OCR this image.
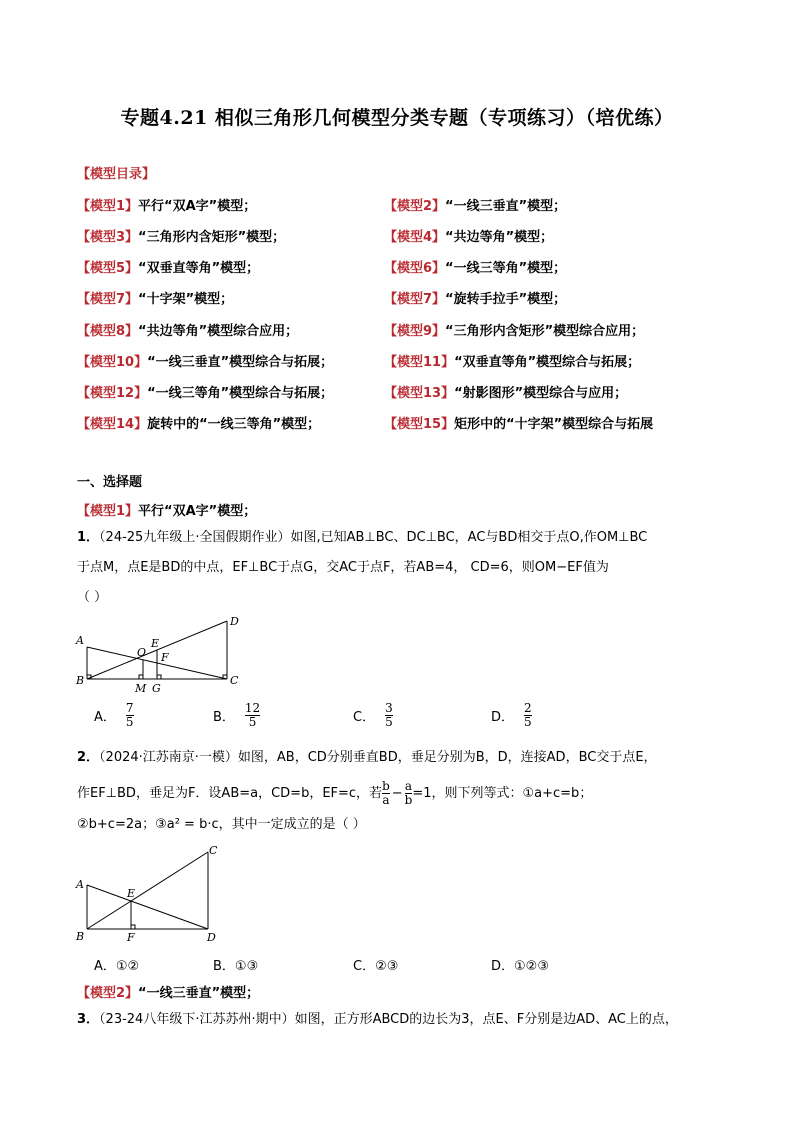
专题4.21 相似三角形几何模型分类专题（专项练习）（培优练）
【模型目录】
【模型1】平行“双A字”模型；	【模型2】“一线三垂直”模型；
【模型3】“三角形内含矩形”模型；	【模型4】“共边等角”模型；
【模型5】“双垂直等角”模型；	【模型6】“一线三等角”模型；
【模型7】“十字架”模型；	【模型7】“旋转手拉手”模型；
【模型8】“共边等角”模型综合应用；	【模型9】“三角形内含矩形”模型综合应用；
【模型10】“一线三垂直”模型综合与拓展；	【模型11】“双垂直等角”模型综合与拓展；
【模型12】“一线三等角”模型综合与拓展；	【模型13】“射影图形”模型综合与应用；
【模型14】旋转中的“一线三等角”模型；	【模型15】矩形中的“十字架”模型综合与拓展
一、选择题
【模型1】平行“双A字”模型；
1．（24-25九年级上·全国假期作业）如图,已知AB⊥BC、DC⊥BC，AC与BD相交于点O,作OM⊥BC
于点M，点E是BD的中点，EF⊥BC于点G，交AC于点F，若AB=4， CD=6，则OM−EF值为
（ ）
A
B	C
D
O
E
F
M G
A． $\frac{7}{5}$	B． $\frac{12}{5}$	C． $\frac{3}{5}$	D． $\frac{2}{5}$
2．（2024·江苏南京·一模）如图，AB，CD分别垂直BD，垂足分别为B，D，连接AD，BC交于点E，
作EF⊥BD，垂足为F．设AB=a，CD=b，EF=c，若 $\frac{b}{a} - \frac{a}{b} =1$，则下列等式：①a+c=b；
②b+c=2a；③a² = b·c，其中一定成立的是（ ）
A
B
C
D
E
F
A．①②	B．①③	C．②③	D．①②③
【模型2】“一线三垂直”模型；
3．（23-24八年级下·江苏苏州·期中）如图，正方形ABCD的边长为3，点E、F分别是边AD、AC上的点，
